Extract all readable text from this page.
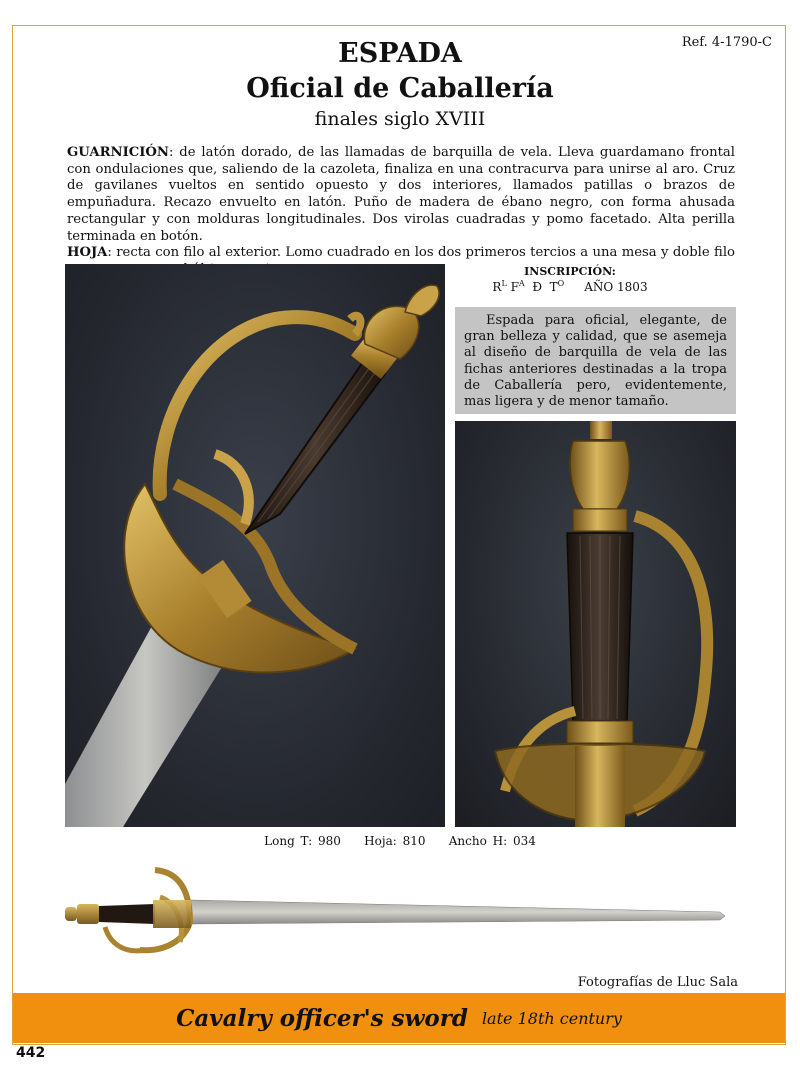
Ref. 4-1790-C
ESPADA
Oficial de Caballería
finales siglo XVIII

GUARNICIÓN: de latón dorado, de las llamadas de barquilla de vela. Lleva guardamano frontal con ondulaciones que, saliendo de la cazoleta, finaliza en una contracurva para unirse al aro. Cruz de gavilanes vueltos en sentido opuesto y dos interiores, llamados patillas o brazos de empuñadura. Recazo envuelto en latón. Puño de madera de ébano negro, con forma ahusada rectangular y con molduras longitudinales. Dos virolas cuadradas y pomo facetado. Alta perilla terminada en botón.

HOJA: recta con filo al exterior. Lomo cuadrado en los dos primeros tercios a una mesa y doble filo

INSCRIPCIÓN:
$R^L$ $F^A$  Ð  $T^O$ AÑO 1803
Espada para oficial, elegante, de gran belleza y calidad, que se asemeja al diseño de barquilla de vela de las fichas anteriores destinadas a la tropa de Caballería pero, evidentemente, mas ligera y de menor tamaño.
Long T: 980    Hoja: 810    Ancho H: 034
Fotografías de Lluc Sala
Cavalry officer's sword late 18th century
442
